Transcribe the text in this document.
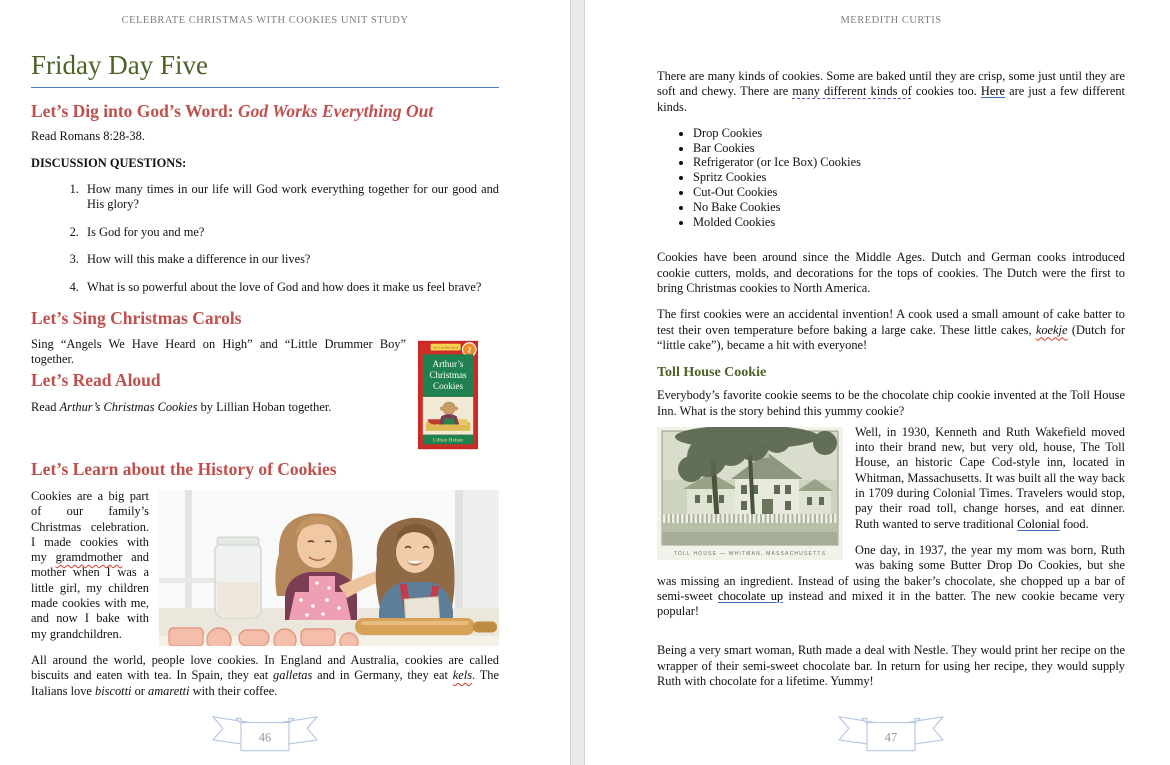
CELEBRATE CHRISTMAS WITH COOKIES UNIT STUDY
Friday Day Five
Let’s Dig into God’s Word: God Works Everything Out

Read Romans 8:28-38.

DISCUSSION QUESTIONS:

1. How many times in our life will God work everything together for our good and His glory?
2. Is God for you and me?
3. How will this make a difference in our lives?
4. What is so powerful about the love of God and how does it make us feel brave?
Let’s Sing Christmas Carols
An I Can Read Book 2
Arthur’s
Christmas
Cookies
Lillian Hoban

Sing “Angels We Have Heard on High” and “Little Drummer Boy” together.

Let’s Read Aloud

Read Arthur’s Christmas Cookies by Lillian Hoban together.

Let’s Learn about the History of Cookies

Cookies are a big part of our family’s Christmas celebration. I made cookies with my gramdmother and mother when I was a little girl, my children made cookies with me, and now I bake with my grandchildren.

All around the world, people love cookies. In England and Australia, cookies are called biscuits and eaten with tea. In Spain, they eat galletas and in Germany, they eat kels. The Italians love biscotti or amaretti with their coffee.

46
MEREDITH CURTIS

There are many kinds of cookies. Some are baked until they are crisp, some just until they are soft and chewy. There are many different kinds of cookies too. Here are just a few different kinds.

• Drop Cookies
• Bar Cookies
• Refrigerator (or Ice Box) Cookies
• Spritz Cookies
• Cut-Out Cookies
• No Bake Cookies
• Molded Cookies

Cookies have been around since the Middle Ages. Dutch and German cooks introduced cookie cutters, molds, and decorations for the tops of cookies. The Dutch were the first to bring Christmas cookies to North America.

The first cookies were an accidental invention! A cook used a small amount of cake batter to test their oven temperature before baking a large cake. These little cakes, koekje (Dutch for “little cake”), became a hit with everyone!

Toll House Cookie

Everybody’s favorite cookie seems to be the chocolate chip cookie invented at the Toll House Inn. What is the story behind this yummy cookie?

TOLL HOUSE — WHITMAN, MASSACHUSETTS

Well, in 1930, Kenneth and Ruth Wakefield moved into their brand new, but very old, house, The Toll House, an historic Cape Cod-style inn, located in Whitman, Massachusetts. It was built all the way back in 1709 during Colonial Times. Travelers would stop, pay their road toll, change horses, and eat dinner. Ruth wanted to serve traditional Colonial food.

One day, in 1937, the year my mom was born, Ruth was baking some Butter Drop Do Cookies, but she was missing an ingredient. Instead of using the baker’s chocolate, she chopped up a bar of semi-sweet chocolate up instead and mixed it in the batter. The new cookie became very popular!

Being a very smart woman, Ruth made a deal with Nestle. They would print her recipe on the wrapper of their semi-sweet chocolate bar. In return for using her recipe, they would supply Ruth with chocolate for a lifetime. Yummy!

47
